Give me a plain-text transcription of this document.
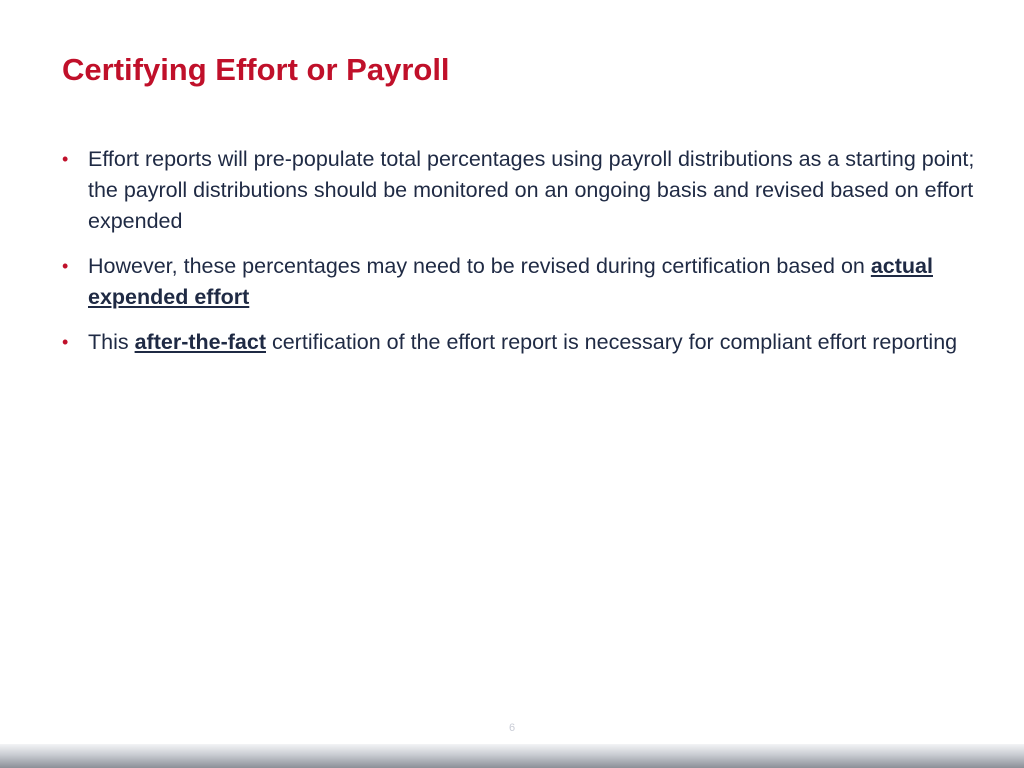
Certifying Effort or Payroll
• Effort reports will pre-populate total percentages using payroll distributions as a starting point; the payroll distributions should be monitored on an ongoing basis and revised based on effort expended
• However, these percentages may need to be revised during certification based on actual expended effort
• This after-the-fact certification of the effort report is necessary for compliant effort reporting
6
